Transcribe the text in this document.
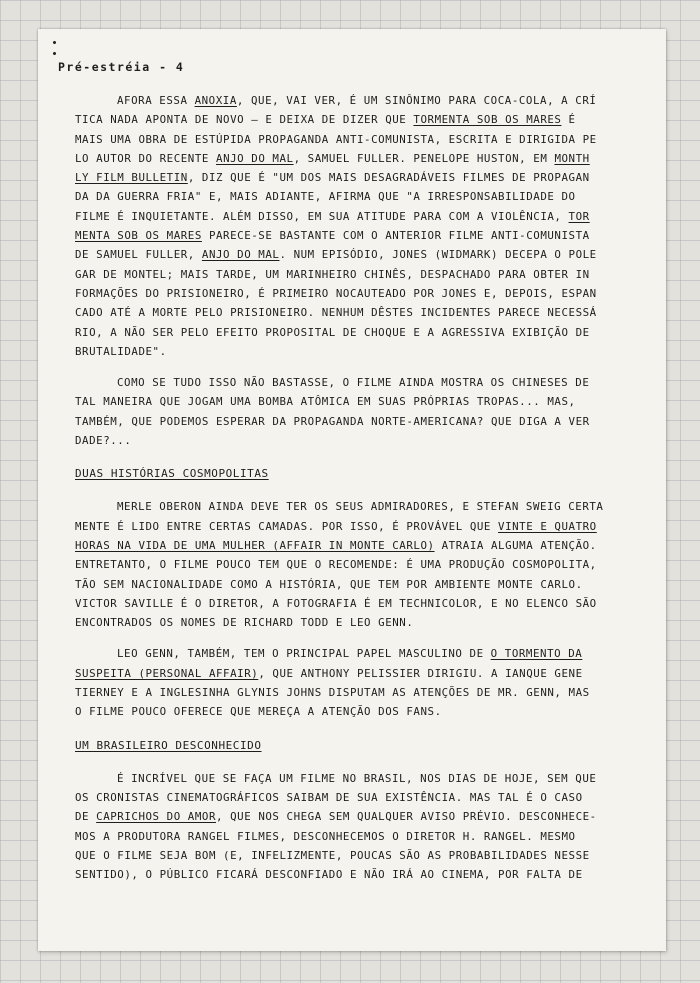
Pré-estréia - 4
AFORA ESSA ANOXIA, QUE, VAI VER, É UM SINÔNIMO PARA COCA-COLA, A CRÍ
TICA NADA APONTA DE NOVO — E DEIXA DE DIZER QUE TORMENTA SOB OS MARES É
MAIS UMA OBRA DE ESTÚPIDA PROPAGANDA ANTI-COMUNISTA, ESCRITA E DIRIGIDA PE
LO AUTOR DO RECENTE ANJO DO MAL, SAMUEL FULLER. PENELOPE HUSTON, EM MONTH
LY FILM BULLETIN, DIZ QUE É "UM DOS MAIS DESAGRADÁVEIS FILMES DE PROPAGAN
DA DA GUERRA FRIA" E, MAIS ADIANTE, AFIRMA QUE "A IRRESPONSABILIDADE DO
FILME É INQUIETANTE. ALÉM DISSO, EM SUA ATITUDE PARA COM A VIOLÊNCIA, TOR
MENTA SOB OS MARES PARECE-SE BASTANTE COM O ANTERIOR FILME ANTI-COMUNISTA
DE SAMUEL FULLER, ANJO DO MAL. NUM EPISÓDIO, JONES (WIDMARK) DECEPA O POLE
GAR DE MONTEL; MAIS TARDE, UM MARINHEIRO CHINÊS, DESPACHADO PARA OBTER IN
FORMAÇÕES DO PRISIONEIRO, É PRIMEIRO NOCAUTEADO POR JONES E, DEPOIS, ESPAN
CADO ATÉ A MORTE PELO PRISIONEIRO. NENHUM DÊSTES INCIDENTES PARECE NECESSÁ
RIO, A NÃO SER PELO EFEITO PROPOSITAL DE CHOQUE E A AGRESSIVA EXIBIÇÃO DE
BRUTALIDADE".
COMO SE TUDO ISSO NÃO BASTASSE, O FILME AINDA MOSTRA OS CHINESES DE
TAL MANEIRA QUE JOGAM UMA BOMBA ATÔMICA EM SUAS PRÓPRIAS TROPAS... MAS,
TAMBÉM, QUE PODEMOS ESPERAR DA PROPAGANDA NORTE-AMERICANA? QUE DIGA A VER
DADE?...
DUAS HISTÓRIAS COSMOPOLITAS
MERLE OBERON AINDA DEVE TER OS SEUS ADMIRADORES, E STEFAN SWEIG CERTA
MENTE É LIDO ENTRE CERTAS CAMADAS. POR ISSO, É PROVÁVEL QUE VINTE E QUATRO
HORAS NA VIDA DE UMA MULHER (AFFAIR IN MONTE CARLO) ATRAIA ALGUMA ATENÇÃO.
ENTRETANTO, O FILME POUCO TEM QUE O RECOMENDE: É UMA PRODUÇÃO COSMOPOLITA,
TÃO SEM NACIONALIDADE COMO A HISTÓRIA, QUE TEM POR AMBIENTE MONTE CARLO.
VICTOR SAVILLE É O DIRETOR, A FOTOGRAFIA É EM TECHNICOLOR, E NO ELENCO SÃO
ENCONTRADOS OS NOMES DE RICHARD TODD E LEO GENN.
LEO GENN, TAMBÉM, TEM O PRINCIPAL PAPEL MASCULINO DE O TORMENTO DA
SUSPEITA (PERSONAL AFFAIR), QUE ANTHONY PELISSIER DIRIGIU. A IANQUE GENE
TIERNEY E A INGLESINHA GLYNIS JOHNS DISPUTAM AS ATENÇÕES DE MR. GENN, MAS
O FILME POUCO OFERECE QUE MEREÇA A ATENÇÃO DOS FANS.
UM BRASILEIRO DESCONHECIDO
É INCRÍVEL QUE SE FAÇA UM FILME NO BRASIL, NOS DIAS DE HOJE, SEM QUE
OS CRONISTAS CINEMATOGRÁFICOS SAIBAM DE SUA EXISTÊNCIA. MAS TAL É O CASO
DE CAPRICHOS DO AMOR, QUE NOS CHEGA SEM QUALQUER AVISO PRÉVIO. DESCONHECE-
MOS A PRODUTORA RANGEL FILMES, DESCONHECEMOS O DIRETOR H. RANGEL. MESMO
QUE O FILME SEJA BOM (E, INFELIZMENTE, POUCAS SÃO AS PROBABILIDADES NESSE
SENTIDO), O PÚBLICO FICARÁ DESCONFIADO E NÃO IRÁ AO CINEMA, POR FALTA DE
